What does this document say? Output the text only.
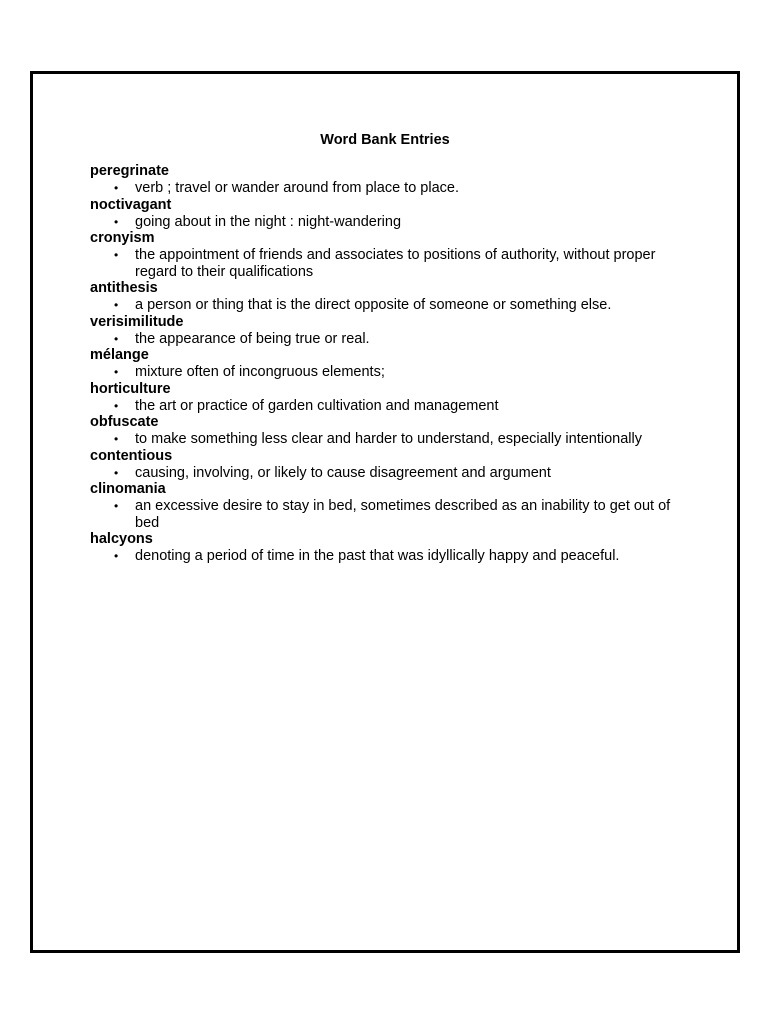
Word Bank Entries
peregrinate
• verb ; travel or wander around from place to place.
noctivagant
• going about in the night : night-wandering
cronyism
• the appointment of friends and associates to positions of authority, without proper regard to their qualifications
antithesis
• a person or thing that is the direct opposite of someone or something else.
verisimilitude
• the appearance of being true or real.
mélange
• mixture often of incongruous elements;
horticulture
• the art or practice of garden cultivation and management
obfuscate
• to make something less clear and harder to understand, especially intentionally
contentious
• causing, involving, or likely to cause disagreement and argument
clinomania
• an excessive desire to stay in bed, sometimes described as an inability to get out of bed
halcyons
• denoting a period of time in the past that was idyllically happy and peaceful.
